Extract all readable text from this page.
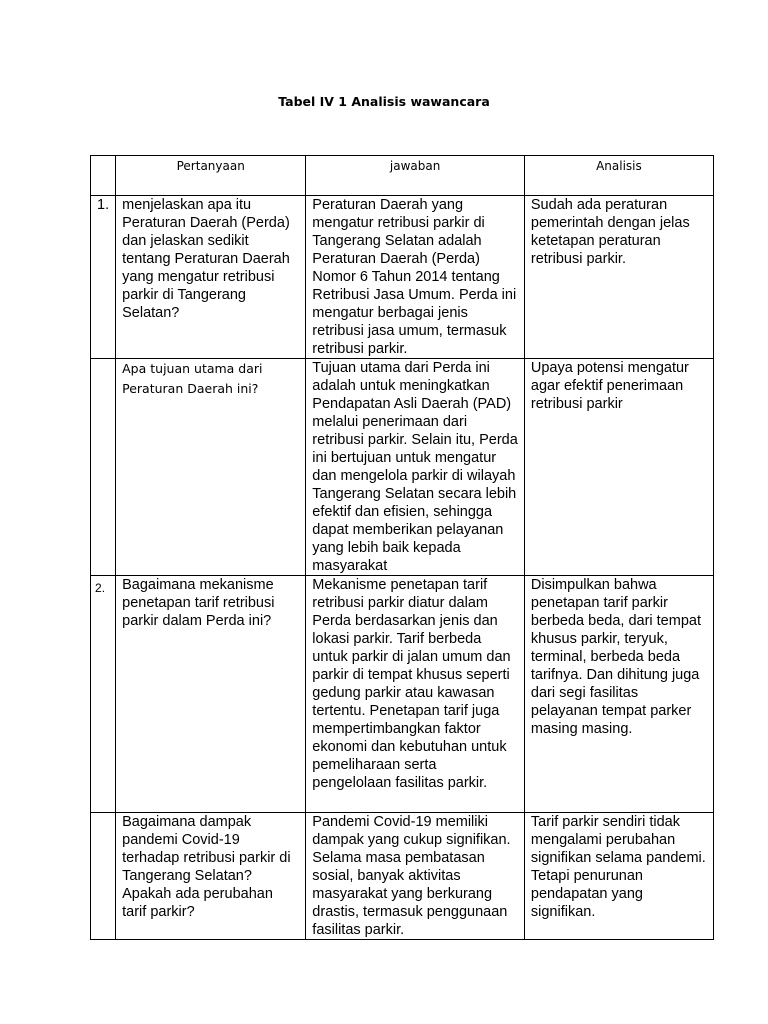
Tabel IV 1 Analisis wawancara
	Pertanyaan	jawaban	Analisis
1.	menjelaskan apa itu Peraturan Daerah (Perda) dan jelaskan sedikit tentang Peraturan Daerah yang mengatur retribusi parkir di Tangerang Selatan?	Peraturan Daerah yang mengatur retribusi parkir di Tangerang Selatan adalah Peraturan Daerah (Perda) Nomor 6 Tahun 2014 tentang Retribusi Jasa Umum. Perda ini mengatur berbagai jenis retribusi jasa umum, termasuk retribusi parkir.	Sudah ada peraturan pemerintah dengan jelas ketetapan peraturan retribusi parkir.
	Apa tujuan utama dari Peraturan Daerah ini?	Tujuan utama dari Perda ini adalah untuk meningkatkan Pendapatan Asli Daerah (PAD) melalui penerimaan dari retribusi parkir. Selain itu, Perda ini bertujuan untuk mengatur dan mengelola parkir di wilayah Tangerang Selatan secara lebih efektif dan efisien, sehingga dapat memberikan pelayanan yang lebih baik kepada masyarakat	Upaya potensi mengatur agar efektif penerimaan retribusi parkir
2.	Bagaimana mekanisme penetapan tarif retribusi parkir dalam Perda ini?	Mekanisme penetapan tarif retribusi parkir diatur dalam Perda berdasarkan jenis dan lokasi parkir. Tarif berbeda untuk parkir di jalan umum dan parkir di tempat khusus seperti gedung parkir atau kawasan tertentu. Penetapan tarif juga mempertimbangkan faktor ekonomi dan kebutuhan untuk pemeliharaan serta pengelolaan fasilitas parkir.	Disimpulkan bahwa penetapan tarif parkir berbeda beda, dari tempat khusus parkir, teryuk, terminal, berbeda beda tarifnya. Dan dihitung juga dari segi fasilitas pelayanan tempat parker masing masing.
	Bagaimana dampak pandemi Covid-19 terhadap retribusi parkir di Tangerang Selatan? Apakah ada perubahan tarif parkir?	Pandemi Covid-19 memiliki dampak yang cukup signifikan. Selama masa pembatasan sosial, banyak aktivitas masyarakat yang berkurang drastis, termasuk penggunaan fasilitas parkir.	Tarif parkir sendiri tidak mengalami perubahan signifikan selama pandemi. Tetapi penurunan pendapatan yang signifikan.
